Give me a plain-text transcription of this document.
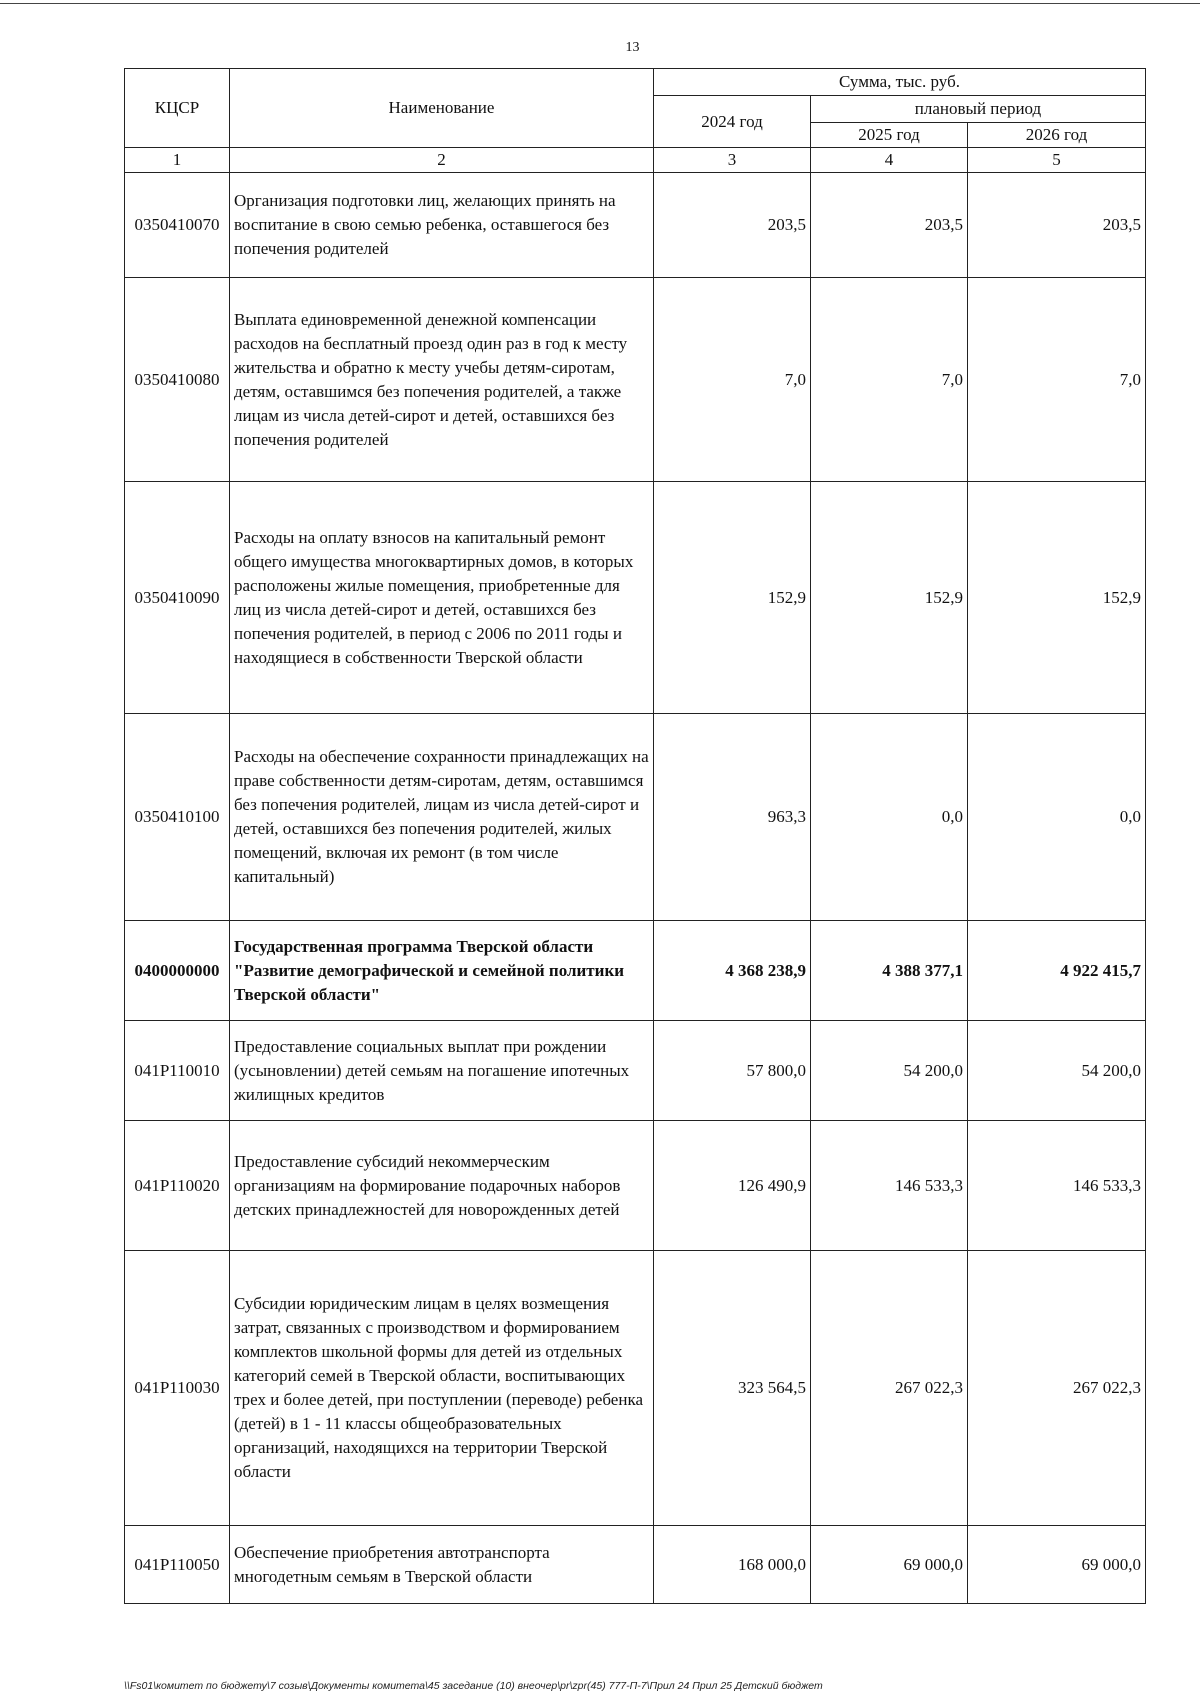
13
КЦСР	Наименование	Сумма, тыс. руб.		
		2024 год	плановый период	
			2025 год	2026 год
1	2	3	4	5
0350410070	Организация подготовки лиц, желающих принять на воспитание в свою семью ребенка, оставшегося без попечения родителей	203,5	203,5	203,5
0350410080	Выплата единовременной денежной компенсации расходов на бесплатный проезд один раз в год к месту жительства и обратно к месту учебы детям-сиротам, детям, оставшимся без попечения родителей, а также лицам из числа детей-сирот и детей, оставшихся без попечения родителей	7,0	7,0	7,0
0350410090	Расходы на оплату взносов на капитальный ремонт общего имущества многоквартирных домов, в которых расположены жилые помещения, приобретенные для лиц из числа детей-сирот и детей, оставшихся без попечения родителей, в период с 2006 по 2011 годы и находящиеся в собственности Тверской области	152,9	152,9	152,9
0350410100	Расходы на обеспечение сохранности принадлежащих на праве собственности детям-сиротам, детям, оставшимся без попечения родителей, лицам из числа детей-сирот и детей, оставшихся без попечения родителей, жилых помещений, включая их ремонт (в том числе капитальный)	963,3	0,0	0,0
0400000000	Государственная программа Тверской области "Развитие демографической и семейной политики Тверской области"	4 368 238,9	4 388 377,1	4 922 415,7
041P110010	Предоставление социальных выплат при рождении (усыновлении) детей семьям на погашение ипотечных жилищных кредитов	57 800,0	54 200,0	54 200,0
041P110020	Предоставление субсидий некоммерческим организациям на формирование подарочных наборов детских принадлежностей для новорожденных детей	126 490,9	146 533,3	146 533,3
041P110030	Субсидии юридическим лицам в целях возмещения затрат, связанных с производством и формированием комплектов школьной формы для детей из отдельных категорий семей в Тверской области, воспитывающих трех и более детей, при поступлении (переводе) ребенка (детей) в 1 - 11 классы общеобразовательных организаций, находящихся на территории Тверской области	323 564,5	267 022,3	267 022,3
041P110050	Обеспечение приобретения автотранспорта многодетным семьям в Тверской области	168 000,0	69 000,0	69 000,0
\\Fs01\комитет по бюджету\7 созыв\Документы комитета\45 заседание (10) внеочер\pr\zpr(45) 777-П-7\Прил 24 Прил 25 Детский бюджет
